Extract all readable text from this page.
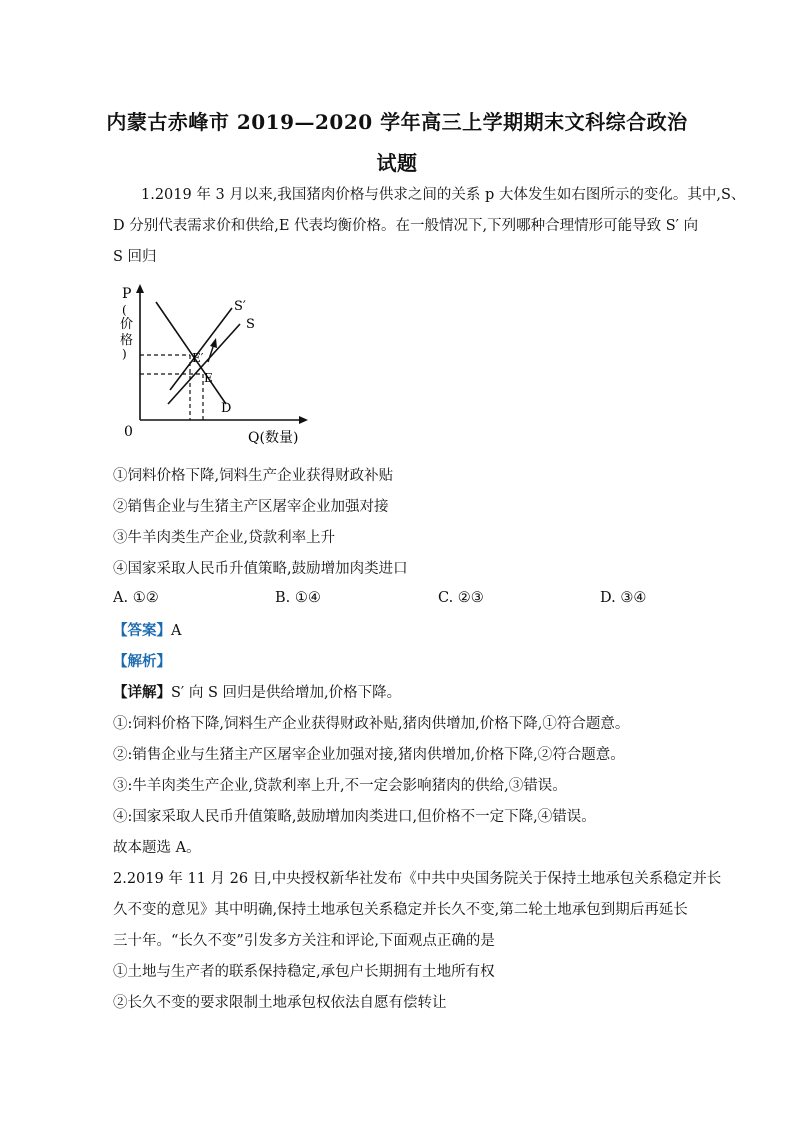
内蒙古赤峰市 2019—2020 学年高三上学期期末文科综合政治
试题
1.2019 年 3 月以来,我国猪肉价格与供求之间的关系 p 大体发生如右图所示的变化。其中,S、
D 分别代表需求价和供给,E 代表均衡价格。在一般情况下,下列哪种合理情形可能导致 S′ 向
S 回归
P
(
价
格
)
0	Q(数量)
S′
S
D
E′
E
①饲料价格下降,饲料生产企业获得财政补贴
②销售企业与生猪主产区屠宰企业加强对接
③牛羊肉类生产企业,贷款利率上升
④国家采取人民币升值策略,鼓励增加肉类进口
A. ①②	B. ①④	C. ②③	D. ③④
【答案】A
【解析】
【详解】S′ 向 S 回归是供给增加,价格下降。
①:饲料价格下降,饲料生产企业获得财政补贴,猪肉供增加,价格下降,①符合题意。
②:销售企业与生猪主产区屠宰企业加强对接,猪肉供增加,价格下降,②符合题意。
③:牛羊肉类生产企业,贷款利率上升,不一定会影响猪肉的供给,③错误。
④:国家采取人民币升值策略,鼓励增加肉类进口,但价格不一定下降,④错误。
故本题选 A。
2.2019 年 11 月 26 日,中央授权新华社发布《中共中央国务院关于保持土地承包关系稳定并长
久不变的意见》其中明确,保持土地承包关系稳定并长久不变,第二轮土地承包到期后再延长
三十年。“长久不变”引发多方关注和评论,下面观点正确的是
①土地与生产者的联系保持稳定,承包户长期拥有土地所有权
②长久不变的要求限制土地承包权依法自愿有偿转让
